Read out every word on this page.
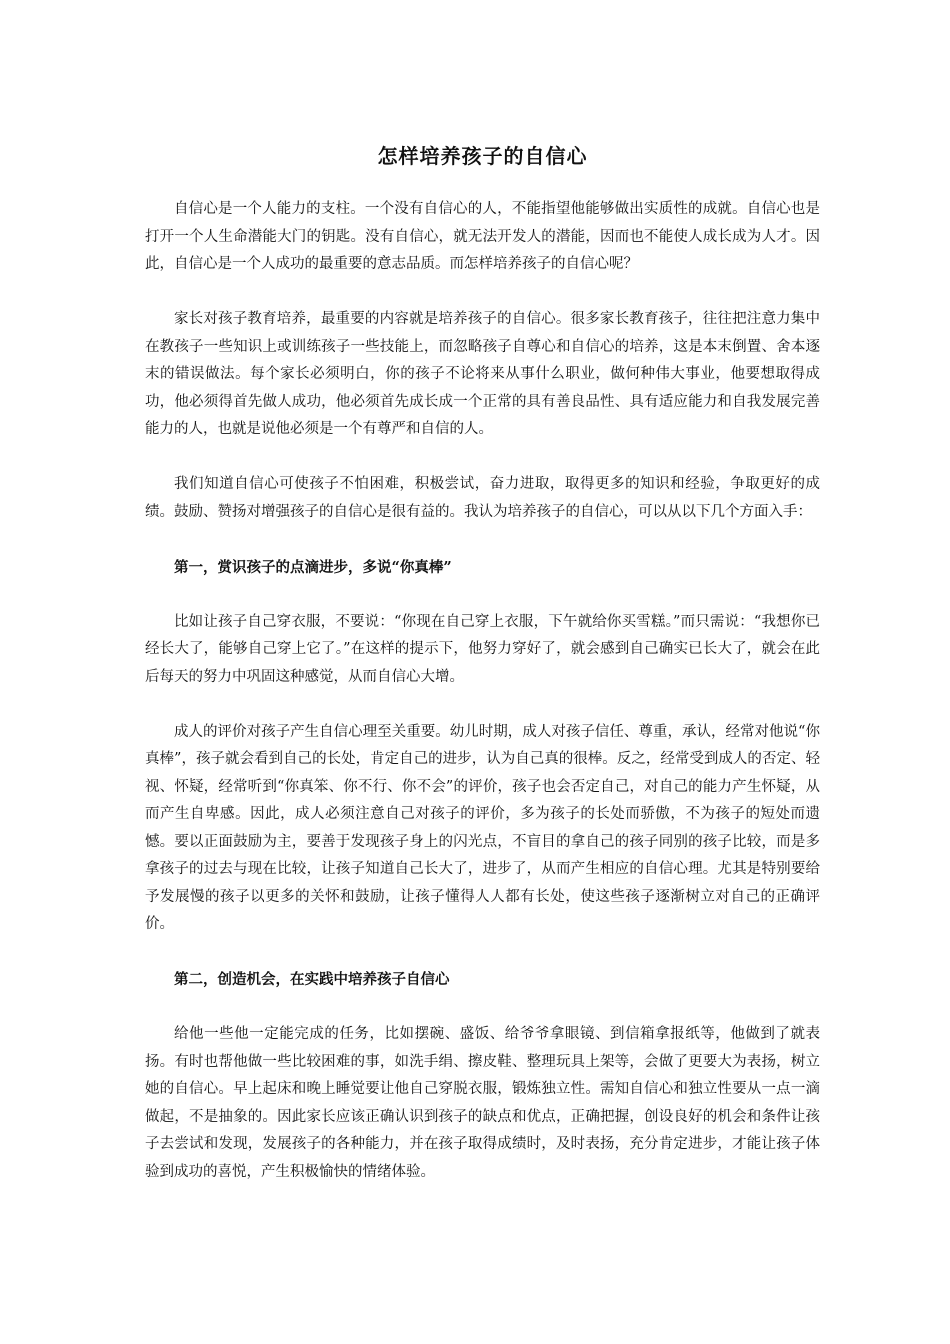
怎样培养孩子的自信心

自信心是一个人能力的支柱。一个没有自信心的人，不能指望他能够做出实质性的成就。自信心也是打开一个人生命潜能大门的钥匙。没有自信心，就无法开发人的潜能，因而也不能使人成长成为人才。因此，自信心是一个人成功的最重要的意志品质。而怎样培养孩子的自信心呢？

家长对孩子教育培养，最重要的内容就是培养孩子的自信心。很多家长教育孩子，往往把注意力集中在教孩子一些知识上或训练孩子一些技能上，而忽略孩子自尊心和自信心的培养，这是本末倒置、舍本逐末的错误做法。每个家长必须明白，你的孩子不论将来从事什么职业，做何种伟大事业，他要想取得成功，他必须得首先做人成功，他必须首先成长成一个正常的具有善良品性、具有适应能力和自我发展完善能力的人，也就是说他必须是一个有尊严和自信的人。

我们知道自信心可使孩子不怕困难，积极尝试，奋力进取，取得更多的知识和经验，争取更好的成绩。鼓励、赞扬对增强孩子的自信心是很有益的。我认为培养孩子的自信心，可以从以下几个方面入手：

第一，赏识孩子的点滴进步，多说“你真棒”

比如让孩子自己穿衣服，不要说：“你现在自己穿上衣服，下午就给你买雪糕。”而只需说：“我想你已经长大了，能够自己穿上它了。”在这样的提示下，他努力穿好了，就会感到自己确实已长大了，就会在此后每天的努力中巩固这种感觉，从而自信心大增。

成人的评价对孩子产生自信心理至关重要。幼儿时期，成人对孩子信任、尊重，承认，经常对他说“你真棒”，孩子就会看到自己的长处，肯定自己的进步，认为自己真的很棒。反之，经常受到成人的否定、轻视、怀疑，经常听到“你真笨、你不行、你不会”的评价，孩子也会否定自己，对自己的能力产生怀疑，从而产生自卑感。因此，成人必须注意自己对孩子的评价，多为孩子的长处而骄傲，不为孩子的短处而遗憾。要以正面鼓励为主，要善于发现孩子身上的闪光点，不盲目的拿自己的孩子同别的孩子比较，而是多拿孩子的过去与现在比较，让孩子知道自己长大了，进步了，从而产生相应的自信心理。尤其是特别要给予发展慢的孩子以更多的关怀和鼓励，让孩子懂得人人都有长处，使这些孩子逐渐树立对自己的正确评价。

第二，创造机会，在实践中培养孩子自信心

给他一些他一定能完成的任务，比如摆碗、盛饭、给爷爷拿眼镜、到信箱拿报纸等，他做到了就表扬。有时也帮他做一些比较困难的事，如洗手绢、擦皮鞋、整理玩具上架等，会做了更要大为表扬，树立她的自信心。早上起床和晚上睡觉要让他自己穿脱衣服，锻炼独立性。需知自信心和独立性要从一点一滴做起，不是抽象的。因此家长应该正确认识到孩子的缺点和优点，正确把握，创设良好的机会和条件让孩子去尝试和发现，发展孩子的各种能力，并在孩子取得成绩时，及时表扬，充分肯定进步，才能让孩子体验到成功的喜悦，产生积极愉快的情绪体验。
